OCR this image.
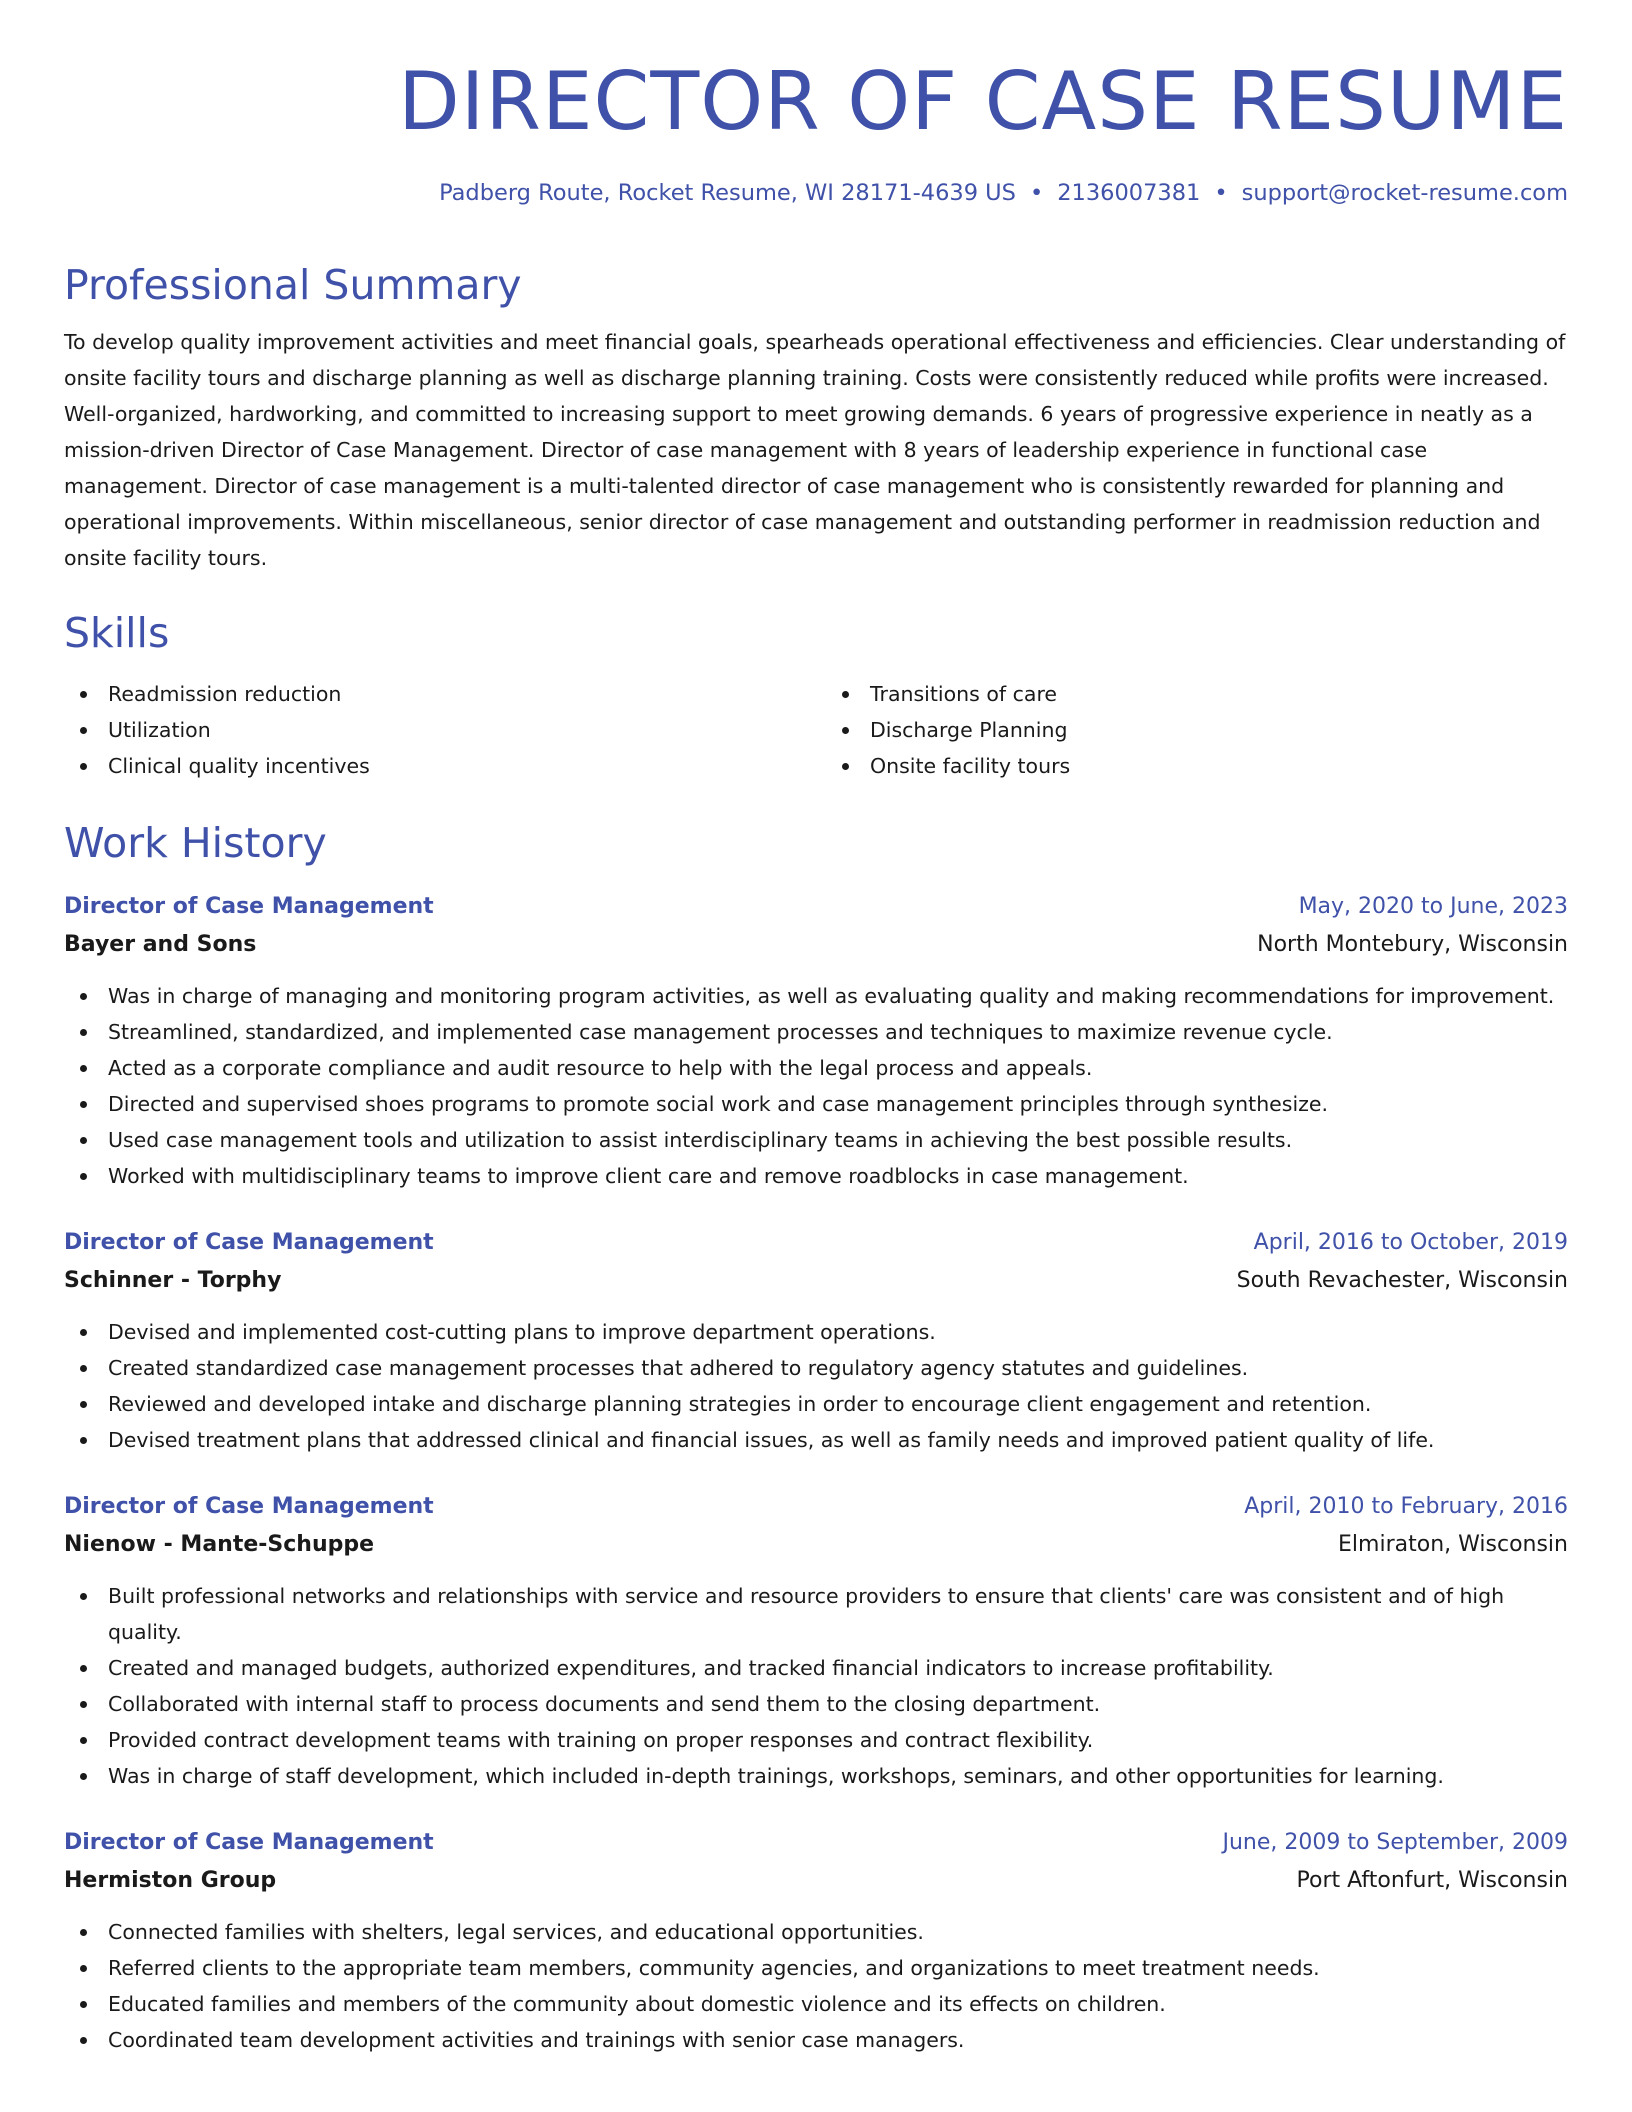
DIRECTOR OF CASE RESUME
Padberg Route, Rocket Resume, WI 28171-4639 US • 2136007381 • support@rocket-resume.com
Professional Summary
To develop quality improvement activities and meet financial goals, spearheads operational effectiveness and efficiencies. Clear understanding of onsite facility tours and discharge planning as well as discharge planning training. Costs were consistently reduced while profits were increased. Well-organized, hardworking, and committed to increasing support to meet growing demands. 6 years of progressive experience in neatly as a mission-driven Director of Case Management. Director of case management with 8 years of leadership experience in functional case management. Director of case management is a multi-talented director of case management who is consistently rewarded for planning and operational improvements. Within miscellaneous, senior director of case management and outstanding performer in readmission reduction and onsite facility tours.
Skills
Readmission reduction
Utilization
Clinical quality incentives
Transitions of care
Discharge Planning
Onsite facility tours
Work History
Director of Case Management	May, 2020 to June, 2023
Bayer and Sons	North Montebury, Wisconsin
Was in charge of managing and monitoring program activities, as well as evaluating quality and making recommendations for improvement.
Streamlined, standardized, and implemented case management processes and techniques to maximize revenue cycle.
Acted as a corporate compliance and audit resource to help with the legal process and appeals.
Directed and supervised shoes programs to promote social work and case management principles through synthesize.
Used case management tools and utilization to assist interdisciplinary teams in achieving the best possible results.
Worked with multidisciplinary teams to improve client care and remove roadblocks in case management.
Director of Case Management	April, 2016 to October, 2019
Schinner - Torphy	South Revachester, Wisconsin
Devised and implemented cost-cutting plans to improve department operations.
Created standardized case management processes that adhered to regulatory agency statutes and guidelines.
Reviewed and developed intake and discharge planning strategies in order to encourage client engagement and retention.
Devised treatment plans that addressed clinical and financial issues, as well as family needs and improved patient quality of life.
Director of Case Management	April, 2010 to February, 2016
Nienow - Mante-Schuppe	Elmiraton, Wisconsin
Built professional networks and relationships with service and resource providers to ensure that clients' care was consistent and of high quality.
Created and managed budgets, authorized expenditures, and tracked financial indicators to increase profitability.
Collaborated with internal staff to process documents and send them to the closing department.
Provided contract development teams with training on proper responses and contract flexibility.
Was in charge of staff development, which included in-depth trainings, workshops, seminars, and other opportunities for learning.
Director of Case Management	June, 2009 to September, 2009
Hermiston Group	Port Aftonfurt, Wisconsin
Connected families with shelters, legal services, and educational opportunities.
Referred clients to the appropriate team members, community agencies, and organizations to meet treatment needs.
Educated families and members of the community about domestic violence and its effects on children.
Coordinated team development activities and trainings with senior case managers.
